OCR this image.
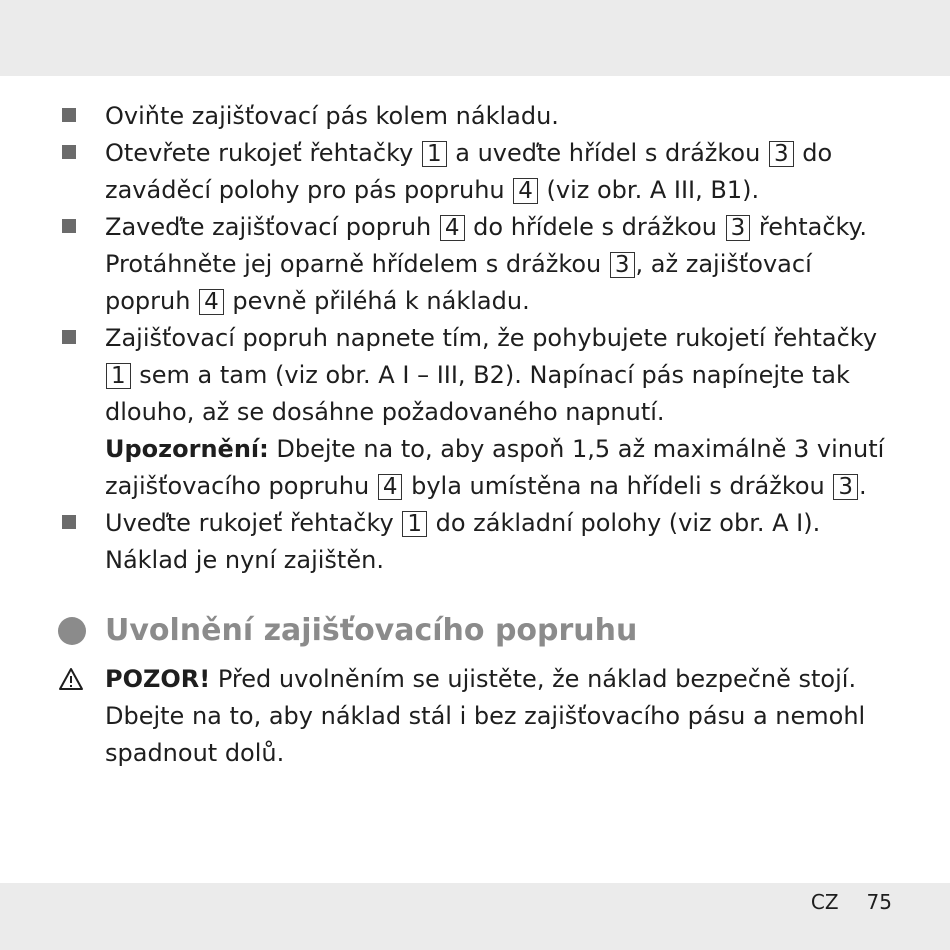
Oviňte zajišťovací pás kolem nákladu.

Otevřete rukojeť řehtačky 1 a uveďte hřídel s drážkou 3 do zaváděcí polohy pro pás popruhu 4 (viz obr. A III, B1).

Zaveďte zajišťovací popruh 4 do hřídele s drážkou 3 řehtačky. Protáhněte jej oparně hřídelem s drážkou 3 , až zajišťovací popruh 4 pevně přiléhá k nákladu.

Zajišťovací popruh napnete tím, že pohybujete rukojetí řehtačky 1 sem a tam (viz obr. A I – III, B2). Napínací pás napínejte tak dlouho, až se dosáhne požadovaného napnutí.
Upozornění: Dbejte na to, aby aspoň 1,5 až maximálně 3 vinutí zajišťovacího popruhu 4 byla umístěna na hřídeli s drážkou 3 .

Uveďte rukojeť řehtačky 1 do základní polohy (viz obr. A I). Náklad je nyní zajištěn.

Uvolnění zajišťovacího popruhu

POZOR! Před uvolněním se ujistěte, že náklad bezpečně stojí. Dbejte na to, aby náklad stál i bez zajišťovacího pásu a nemohl spadnout dolů.

CZ 75
